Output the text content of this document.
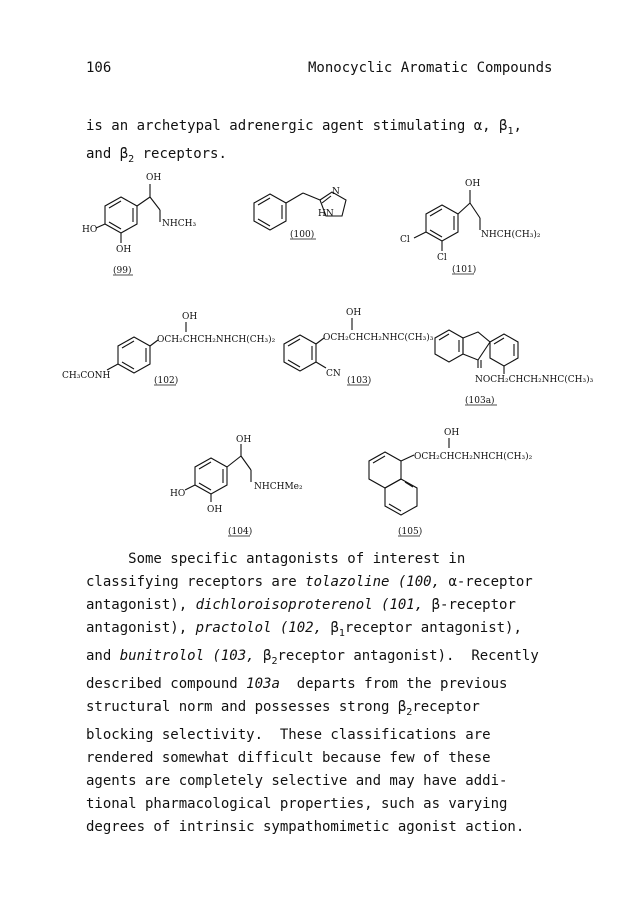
106	Monocyclic Aromatic Compounds
is an archetypal adrenergic agent stimulating α, $\beta_1$,
and $\beta_2$ receptors.
OH
HO
OH
NHCH₃
(99)
N
HN
(100)
OH
Cl
Cl
NHCH(CH₃)₂
(101)
OH
OCH₂CHCH₂NHCH(CH₃)₂
CH₃CONH	(102)
OH
OCH₂CHCH₂NHC(CH₃)₃
CN
(103)	NOCH₂CHCH₂NHC(CH₃)₃
(103a)
OH
HO
OH
NHCHMe₂
(104)
OH
OCH₂CHCH₂NHCH(CH₃)₂
(105)
Some specific antagonists of interest in
classifying receptors are tolazoline (100, α-receptor
antagonist), dichloroisoproterenol (101, β-receptor
antagonist), practolol (102, $\beta_1receptor$ antagonist),
and bunitrolol (103, $\beta_2receptor$ antagonist).  Recently
described compound 103a  departs from the previous
structural norm and possesses strong $\beta_2receptor$
blocking selectivity.  These classifications are
rendered somewhat difficult because few of these
agents are completely selective and may have addi-
tional pharmacological properties, such as varying
degrees of intrinsic sympathomimetic agonist action.
